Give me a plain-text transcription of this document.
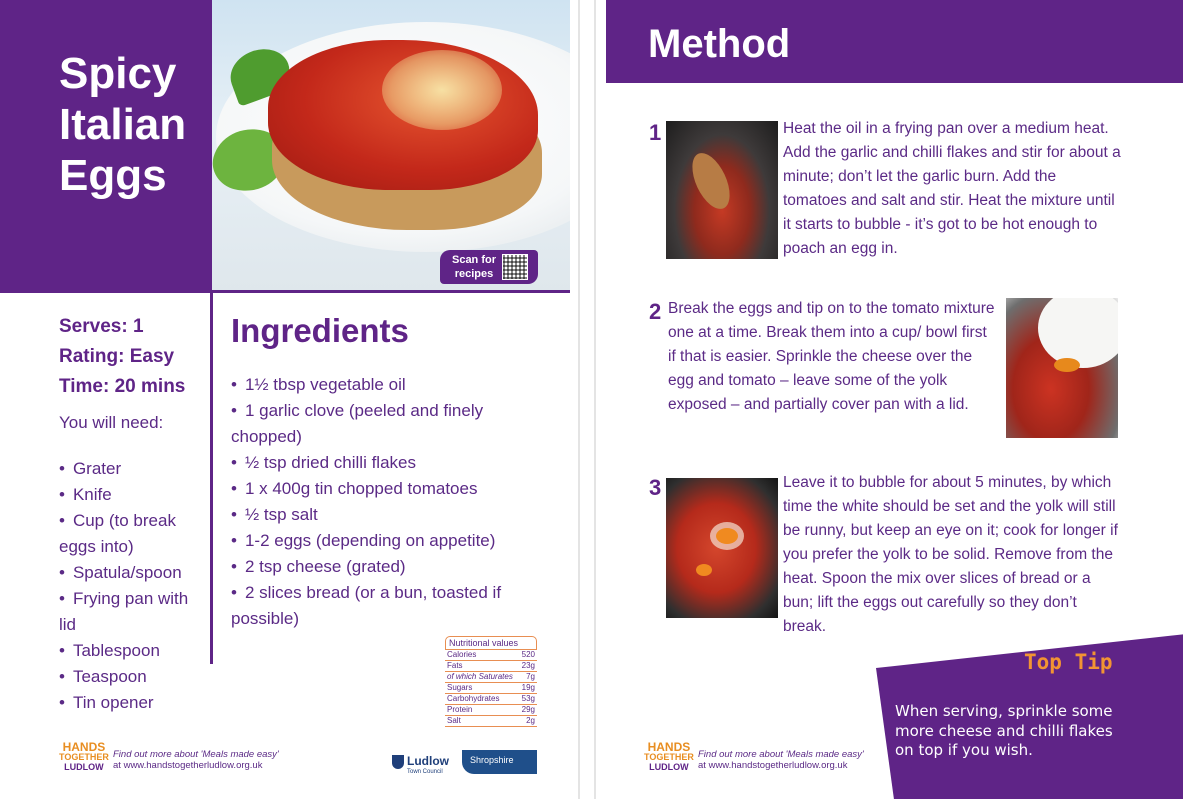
Spicy
Italian
Eggs
Scan for recipes
Serves: 1
Rating: Easy
Time: 20 mins
You will need:
• Grater
• Knife
• Cup (to break eggs into)
• Spatula/spoon
• Frying pan with lid
• Tablespoon
• Teaspoon
• Tin opener
Ingredients
• 1½ tbsp vegetable oil
• 1 garlic clove (peeled and finely chopped)
• ½ tsp dried chilli flakes
• 1 x 400g tin chopped tomatoes
• ½ tsp salt
• 1-2 eggs (depending on appetite)
• 2 tsp cheese (grated)
• 2 slices bread (or a bun, toasted if possible)
Nutritional values
Calories	520
Fats	23g
of which Saturates 7g
Sugars	19g
Carbohydrates	53g
Protein	29g
Salt	2g
HANDS
TOGETHER
LUDLOW
Find out more about 'Meals made easy'
at www.handstogetherludlow.org.uk	Ludlow
Town Council
Shropshire
Method
1	Heat the oil in a frying pan over a medium heat. Add the garlic and chilli flakes and stir for about a minute; don’t let the garlic burn. Add the tomatoes and salt and stir. Heat the mixture until it starts to bubble - it’s got to be hot enough to poach an egg in.

2 Break the eggs and tip on to the tomato mixture one at a time. Break them into a cup/ bowl first if that is easier. Sprinkle the cheese over the egg and tomato – leave some of the yolk exposed – and partially cover pan with a lid.

3	Leave it to bubble for about 5 minutes, by which time the white should be set and the yolk will still be runny, but keep an eye on it; cook for longer if you prefer the yolk to be solid. Remove from the heat. Spoon the mix over slices of bread or a bun; lift the eggs out carefully so they don’t break.

HANDS
TOGETHER
LUDLOW
Find out more about 'Meals made easy'
at www.handstogetherludlow.org.uk
Top Tip

When serving, sprinkle some more cheese and chilli flakes on top if you wish.
